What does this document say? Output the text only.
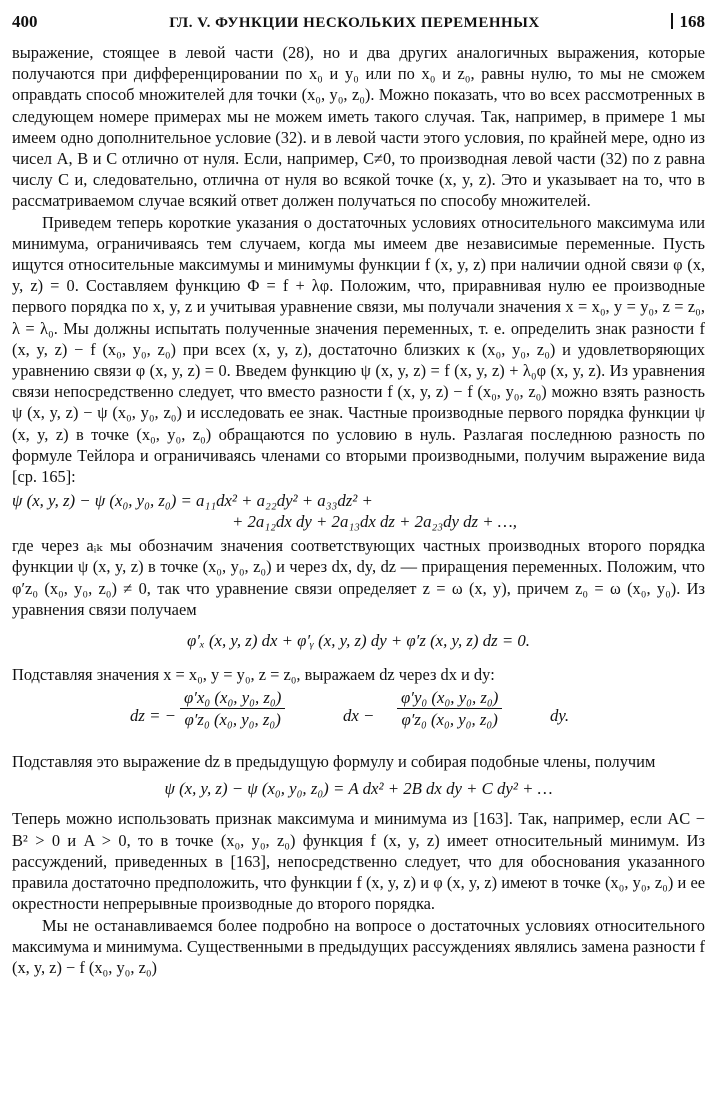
400	ГЛ. V. ФУНКЦИИ НЕСКОЛЬКИХ ПЕРЕМЕННЫХ	168

выражение, стоящее в левой части (28), но и два других аналогичных выражения, которые получаются при дифференцировании по x₀ и y₀ или по x₀ и z₀, равны нулю, то мы не сможем оправдать способ множителей для точки (x₀, y₀, z₀). Можно показать, что во всех рассмотренных в следующем номере примерах мы не можем иметь такого случая. Так, например, в примере 1 мы имеем одно дополнительное условие (32). и в левой части этого условия, по крайней мере, одно из чисел A, B и C отлично от нуля. Если, например, C≠0, то производная левой части (32) по z равна числу C и, следовательно, отлична от нуля во всякой точке (x, y, z). Это и указывает на то, что в рассматриваемом случае всякий ответ должен получаться по способу множителей.

Приведем теперь короткие указания о достаточных условиях относительного максимума или минимума, ограничиваясь тем случаем, когда мы имеем две независимые переменные. Пусть ищутся относительные максимумы и минимумы функции f (x, y, z) при наличии одной связи φ (x, y, z) = 0. Составляем функцию Φ = f + λφ. Положим, что, приравнивая нулю ее производные первого порядка по x, y, z и учитывая уравнение связи, мы получали значения x = x₀, y = y₀, z = z₀, λ = λ₀. Мы должны испытать полученные значения переменных, т. е. определить знак разности f (x, y, z) − f (x₀, y₀, z₀) при всех (x, y, z), достаточно близких к (x₀, y₀, z₀) и удовлетворяющих уравнению связи φ (x, y, z) = 0. Введем функцию ψ (x, y, z) = f (x, y, z) + λ₀φ (x, y, z). Из уравнения связи непосредственно следует, что вместо разности f (x, y, z) − f (x₀, y₀, z₀) можно взять разность ψ (x, y, z) − ψ (x₀, y₀, z₀) и исследовать ее знак. Частные производные первого порядка функции ψ (x, y, z) в точке (x₀, y₀, z₀) обращаются по условию в нуль. Разлагая последнюю разность по формуле Тейлора и ограничиваясь членами со вторыми производными, получим выражение вида [ср. 165]:

ψ (x, y, z) − ψ (x₀, y₀, z₀) = a₁₁dx² + a₂₂dy² + a₃₃dz² +
+ 2a₁₂dx dy + 2a₁₃dx dz + 2a₂₃dy dz + …,

где через aᵢₖ мы обозначим значения соответствующих частных производных второго порядка функции ψ (x, y, z) в точке (x₀, y₀, z₀) и через dx, dy, dz — приращения переменных. Положим, что φ′z₀ (x₀, y₀, z₀) ≠ 0, так что уравнение связи определяет z = ω (x, y), причем z₀ = ω (x₀, y₀). Из уравнения связи получаем

φ′ₓ (x, y, z) dx + φ′ᵧ (x, y, z) dy + φ′z (x, y, z) dz = 0.

Подставляя значения x = x₀, y = y₀, z = z₀, выражаем dz через dx и dy:

dz = − $\frac{\text{φ′x₀ (x₀, y₀, z₀)}}{\text{φ′z₀ (x₀, y₀, z₀)}}$	dx − $\frac{\text{φ′y₀ (x₀, y₀, z₀)}}{\text{φ′z₀ (x₀, y₀, z₀)}}$	dy.

Подставляя это выражение dz в предыдущую формулу и собирая подобные члены, получим

ψ (x, y, z) − ψ (x₀, y₀, z₀) = A dx² + 2B dx dy + C dy² + …

Теперь можно использовать признак максимума и минимума из [163]. Так, например, если AC − B² > 0 и A > 0, то в точке (x₀, y₀, z₀) функция f (x, y, z) имеет относительный минимум. Из рассуждений, приведенных в [163], непосредственно следует, что для обоснования указанного правила достаточно предположить, что функции f (x, y, z) и φ (x, y, z) имеют в точке (x₀, y₀, z₀) и ее окрестности непрерывные производные до второго порядка.

Мы не останавливаемся более подробно на вопросе о достаточных условиях относительного максимума и минимума. Существенными в предыдущих рассуждениях являлись замена разности f (x, y, z) − f (x₀, y₀, z₀)
